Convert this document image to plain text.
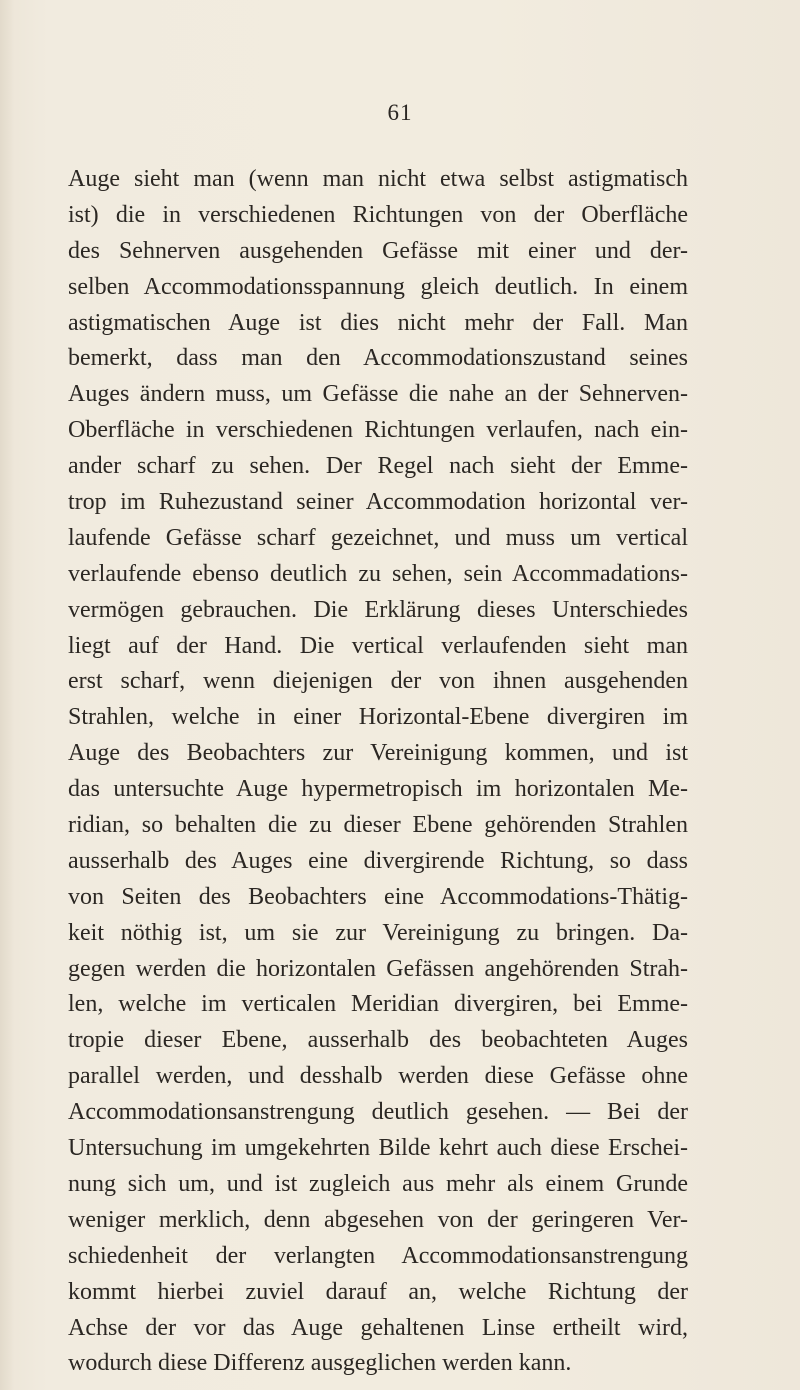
61

Auge sieht man (wenn man nicht etwa selbst astigmatisch
ist) die in verschiedenen Richtungen von der Oberfläche
des Sehnerven ausgehenden Gefässe mit einer und der-
selben Accommodationsspannung gleich deutlich. In einem
astigmatischen Auge ist dies nicht mehr der Fall. Man
bemerkt, dass man den Accommodationszustand seines
Auges ändern muss, um Gefässe die nahe an der Sehnerven-
Oberfläche in verschiedenen Richtungen verlaufen, nach ein-
ander scharf zu sehen. Der Regel nach sieht der Emme-
trop im Ruhezustand seiner Accommodation horizontal ver-
laufende Gefässe scharf gezeichnet, und muss um vertical
verlaufende ebenso deutlich zu sehen, sein Accommadations-
vermögen gebrauchen. Die Erklärung dieses Unterschiedes
liegt auf der Hand. Die vertical verlaufenden sieht man
erst scharf, wenn diejenigen der von ihnen ausgehenden
Strahlen, welche in einer Horizontal-Ebene divergiren im
Auge des Beobachters zur Vereinigung kommen, und ist
das untersuchte Auge hypermetropisch im horizontalen Me-
ridian, so behalten die zu dieser Ebene gehörenden Strahlen
ausserhalb des Auges eine divergirende Richtung, so dass
von Seiten des Beobachters eine Accommodations-Thätig-
keit nöthig ist, um sie zur Vereinigung zu bringen. Da-
gegen werden die horizontalen Gefässen angehörenden Strah-
len, welche im verticalen Meridian divergiren, bei Emme-
tropie dieser Ebene, ausserhalb des beobachteten Auges
parallel werden, und desshalb werden diese Gefässe ohne
Accommodationsanstrengung deutlich gesehen. — Bei der
Untersuchung im umgekehrten Bilde kehrt auch diese Erschei-
nung sich um, und ist zugleich aus mehr als einem Grunde
weniger merklich, denn abgesehen von der geringeren Ver-
schiedenheit der verlangten Accommodationsanstrengung
kommt hierbei zuviel darauf an, welche Richtung der
Achse der vor das Auge gehaltenen Linse ertheilt wird,
wodurch diese Differenz ausgeglichen werden kann.
